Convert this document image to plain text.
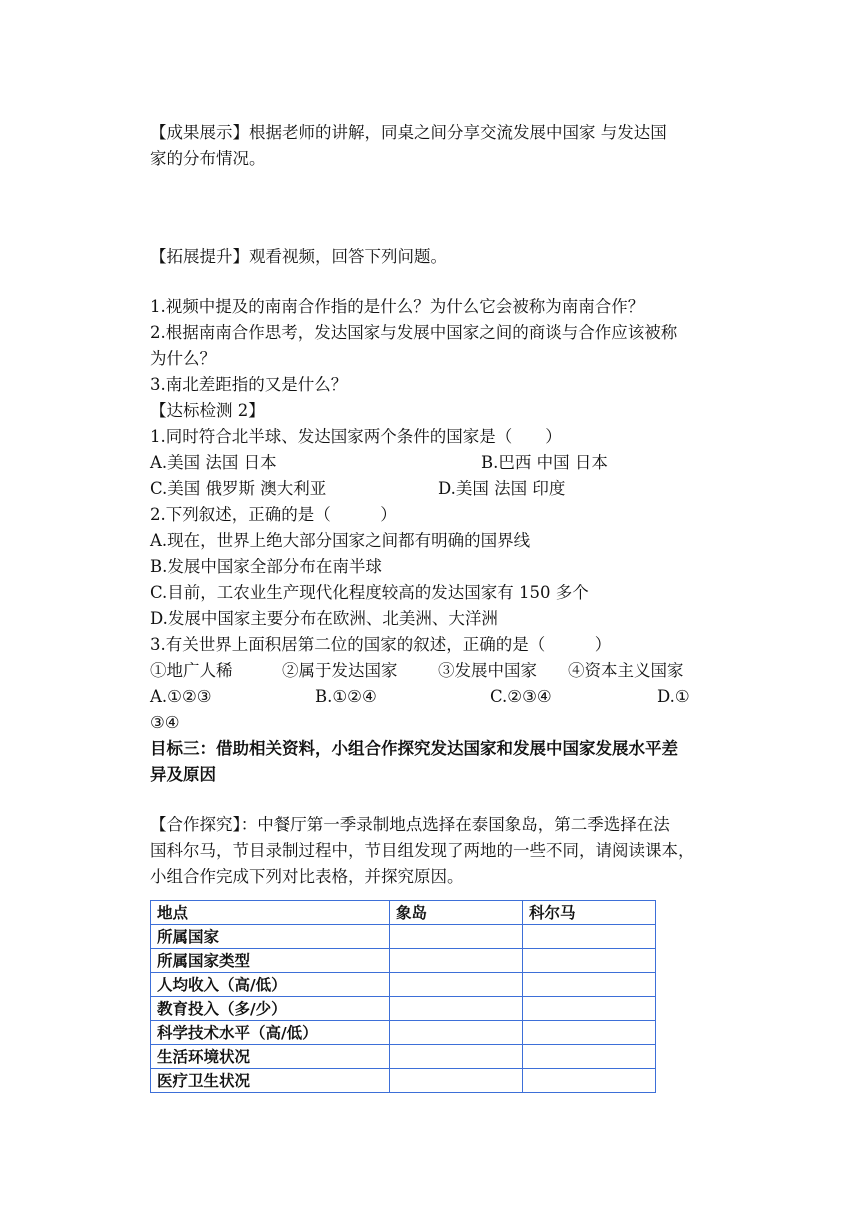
【成果展示】根据老师的讲解，同桌之间分享交流发展中国家 与发达国
家的分布情况。
【拓展提升】观看视频，回答下列问题。
1.视频中提及的南南合作指的是什么？为什么它会被称为南南合作？
2.根据南南合作思考，发达国家与发展中国家之间的商谈与合作应该被称
为什么？
3.南北差距指的又是什么？
【达标检测 2】
1.同时符合北半球、发达国家两个条件的国家是（　　）
A.美国 法国 日本	B.巴西 中国 日本
C.美国 俄罗斯 澳大利亚	D.美国 法国 印度
2.下列叙述，正确的是（　　　）
A.现在，世界上绝大部分国家之间都有明确的国界线
B.发展中国家全部分布在南半球
C.目前，工农业生产现代化程度较高的发达国家有 150 多个
D.发展中国家主要分布在欧洲、北美洲、大洋洲
3.有关世界上面积居第二位的国家的叙述，正确的是（　　　）
①地广人稀	②属于发达国家 ③发展中国家 ④资本主义国家
A.①②③	B.①②④	C.②③④	D.①
③④
目标三：借助相关资料，小组合作探究发达国家和发展中国家发展水平差
异及原因
【合作探究】：中餐厅第一季录制地点选择在泰国象岛，第二季选择在法
国科尔马，节目录制过程中，节目组发现了两地的一些不同，请阅读课本，
小组合作完成下列对比表格，并探究原因。
地点	象岛	科尔马
所属国家		
所属国家类型		
人均收入（高/低）		
教育投入（多/少）		
科学技术水平（高/低）		
生活环境状况		
医疗卫生状况		
